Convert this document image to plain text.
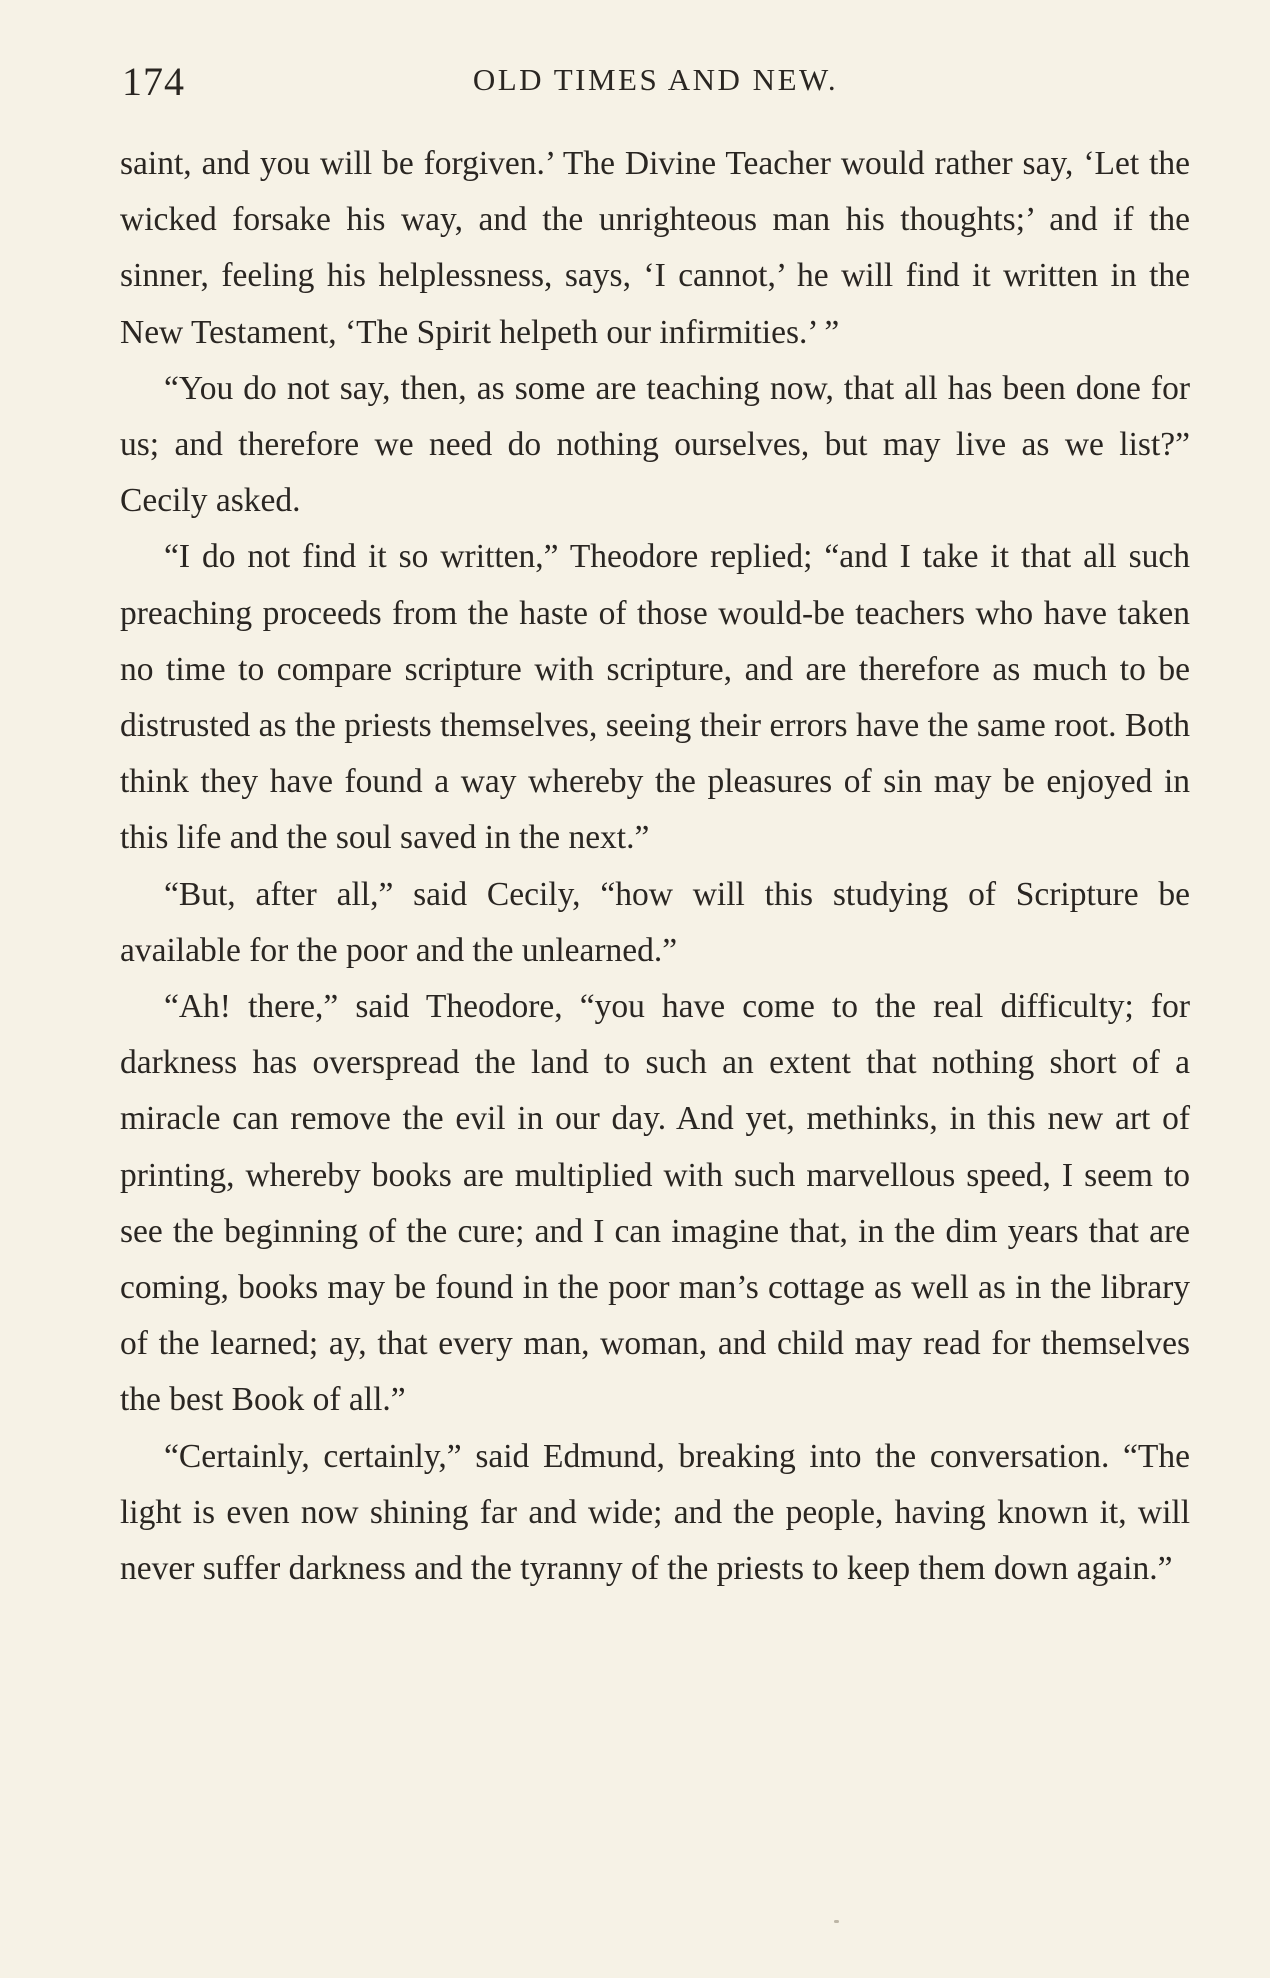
174	OLD TIMES AND NEW.

saint, and you will be forgiven.’ The Divine Teacher would rather say, ‘Let the wicked forsake his way, and the unrighteous man his thoughts;’ and if the sinner, feeling his helplessness, says, ‘I cannot,’ he will find it written in the New Testament, ‘The Spirit helpeth our infirmities.’ ”

“You do not say, then, as some are teaching now, that all has been done for us; and therefore we need do nothing ourselves, but may live as we list?” Cecily asked.

“I do not find it so written,” Theodore replied; “and I take it that all such preaching proceeds from the haste of those would-be teachers who have taken no time to compare scripture with scripture, and are therefore as much to be distrusted as the priests themselves, seeing their errors have the same root. Both think they have found a way whereby the pleasures of sin may be enjoyed in this life and the soul saved in the next.”

“But, after all,” said Cecily, “how will this studying of Scripture be available for the poor and the unlearned.”

“Ah! there,” said Theodore, “you have come to the real difficulty; for darkness has overspread the land to such an extent that nothing short of a miracle can remove the evil in our day. And yet, methinks, in this new art of printing, whereby books are multiplied with such marvellous speed, I seem to see the beginning of the cure; and I can imagine that, in the dim years that are coming, books may be found in the poor man’s cottage as well as in the library of the learned; ay, that every man, woman, and child may read for themselves the best Book of all.”

“Certainly, certainly,” said Edmund, breaking into the conversation. “The light is even now shining far and wide; and the people, having known it, will never suffer darkness and the tyranny of the priests to keep them down again.”
